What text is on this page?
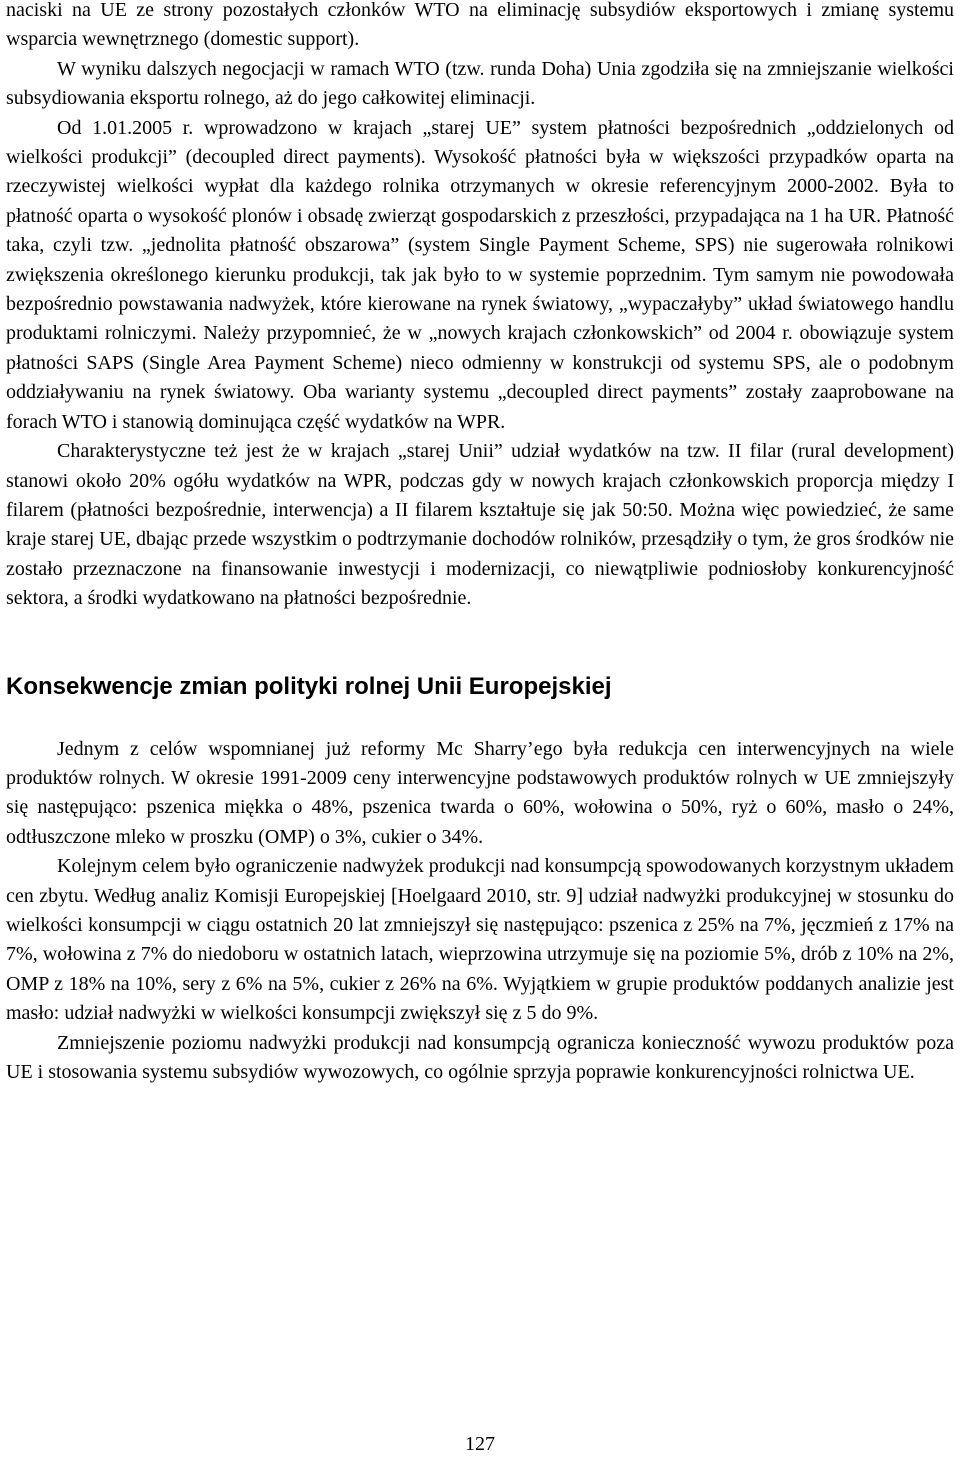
naciski na UE ze strony pozostałych członków WTO na eliminację subsydiów eksportowych i zmianę systemu wsparcia wewnętrznego (domestic support).

W wyniku dalszych negocjacji w ramach WTO (tzw. runda Doha) Unia zgodziła się na zmniejszanie wielkości subsydiowania eksportu rolnego, aż do jego całkowitej eliminacji.

Od 1.01.2005 r. wprowadzono w krajach „starej UE” system płatności bezpośrednich „oddzielonych od wielkości produkcji” (decoupled direct payments). Wysokość płatności była w większości przypadków oparta na rzeczywistej wielkości wypłat dla każdego rolnika otrzymanych w okresie referencyjnym 2000-2002. Była to płatność oparta o wysokość plonów i obsadę zwierząt gospodarskich z przeszłości, przypadająca na 1 ha UR. Płatność taka, czyli tzw. „jednolita płatność obszarowa” (system Single Payment Scheme, SPS) nie sugerowała rolnikowi zwiększenia określonego kierunku produkcji, tak jak było to w systemie poprzednim. Tym samym nie powodowała bezpośrednio powstawania nadwyżek, które kierowane na rynek światowy, „wypaczałyby” układ światowego handlu produktami rolniczymi. Należy przypomnieć, że w „nowych krajach członkowskich” od 2004 r. obowiązuje system płatności SAPS (Single Area Payment Scheme) nieco odmienny w konstrukcji od systemu SPS, ale o podobnym oddziaływaniu na rynek światowy. Oba warianty systemu „decoupled direct payments” zostały zaaprobowane na forach WTO i stanowią dominująca część wydatków na WPR.

Charakterystyczne też jest że w krajach „starej Unii” udział wydatków na tzw. II filar (rural development) stanowi około 20% ogółu wydatków na WPR, podczas gdy w nowych krajach członkowskich proporcja między I filarem (płatności bezpośrednie, interwencja) a II filarem kształtuje się jak 50:50. Można więc powiedzieć, że same kraje starej UE, dbając przede wszystkim o podtrzymanie dochodów rolników, przesądziły o tym, że gros środków nie zostało przeznaczone na finansowanie inwestycji i modernizacji, co niewątpliwie podniosłoby konkurencyjność sektora, a środki wydatkowano na płatności bezpośrednie.

Konsekwencje zmian polityki rolnej Unii Europejskiej

Jednym z celów wspomnianej już reformy Mc Sharry’ego była redukcja cen interwencyjnych na wiele produktów rolnych. W okresie 1991-2009 ceny interwencyjne podstawowych produktów rolnych w UE zmniejszyły się następująco: pszenica miękka o 48%, pszenica twarda o 60%, wołowina o 50%, ryż o 60%, masło o 24%, odtłuszczone mleko w proszku (OMP) o 3%, cukier o 34%.

Kolejnym celem było ograniczenie nadwyżek produkcji nad konsumpcją spowodowanych korzystnym układem cen zbytu. Według analiz Komisji Europejskiej [Hoelgaard 2010, str. 9] udział nadwyżki produkcyjnej w stosunku do wielkości konsumpcji w ciągu ostatnich 20 lat zmniejszył się następująco: pszenica z 25% na 7%, jęczmień z 17% na 7%, wołowina z 7% do niedoboru w ostatnich latach, wieprzowina utrzymuje się na poziomie 5%, drób z 10% na 2%, OMP z 18% na 10%, sery z 6% na 5%, cukier z 26% na 6%. Wyjątkiem w grupie produktów poddanych analizie jest masło: udział nadwyżki w wielkości konsumpcji zwiększył się z 5 do 9%.

Zmniejszenie poziomu nadwyżki produkcji nad konsumpcją ogranicza konieczność wywozu produktów poza UE i stosowania systemu subsydiów wywozowych, co ogólnie sprzyja poprawie konkurencyjności rolnictwa UE.

127
